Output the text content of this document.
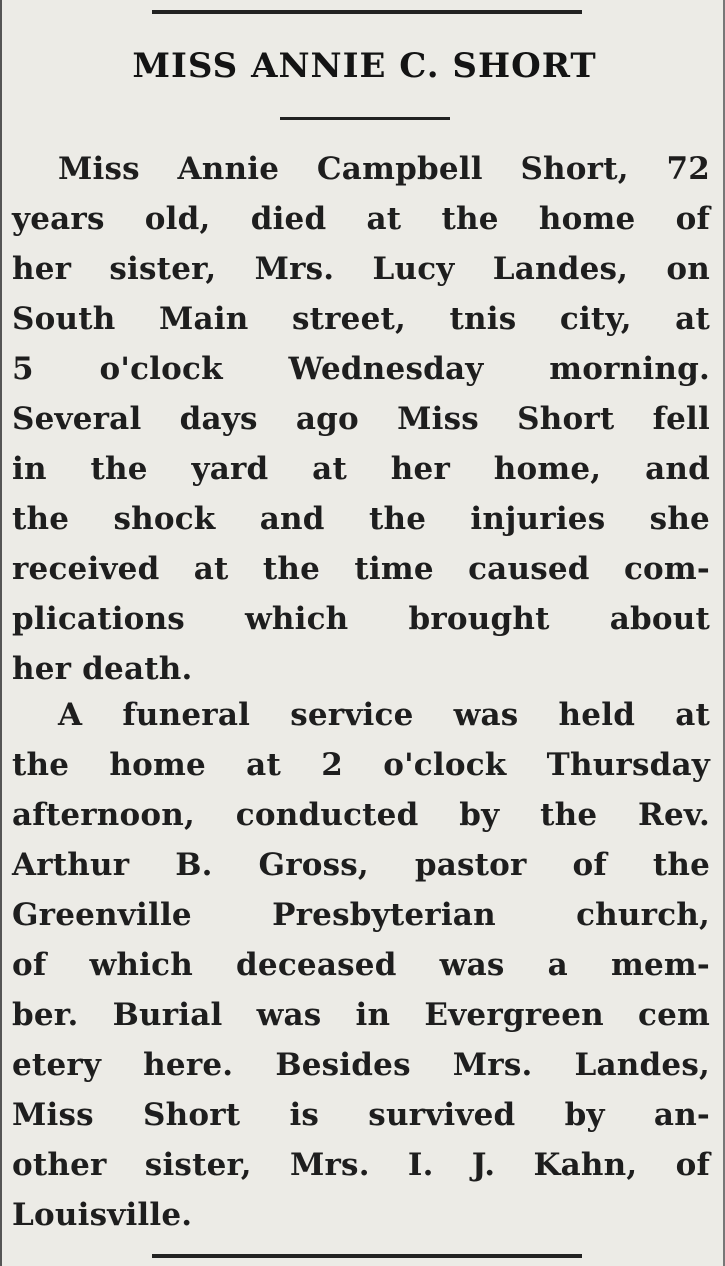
MISS ANNIE C. SHORT
Miss Annie Campbell Short, 72
years old, died at the home of
her sister, Mrs. Lucy Landes, on
South Main street, tnis city, at
5 o'clock Wednesday morning.
Several days ago Miss Short fell
in the yard at her home, and
the shock and the injuries she
received at the time caused com-
plications which brought about
her death.
A funeral service was held at
the home at 2 o'clock Thursday
afternoon, conducted by the Rev.
Arthur B. Gross, pastor of the
Greenville Presbyterian church,
of which deceased was a mem-
ber. Burial was in Evergreen cem
etery here. Besides Mrs. Landes,
Miss Short is survived by an-
other sister, Mrs. I. J. Kahn, of
Louisville.
